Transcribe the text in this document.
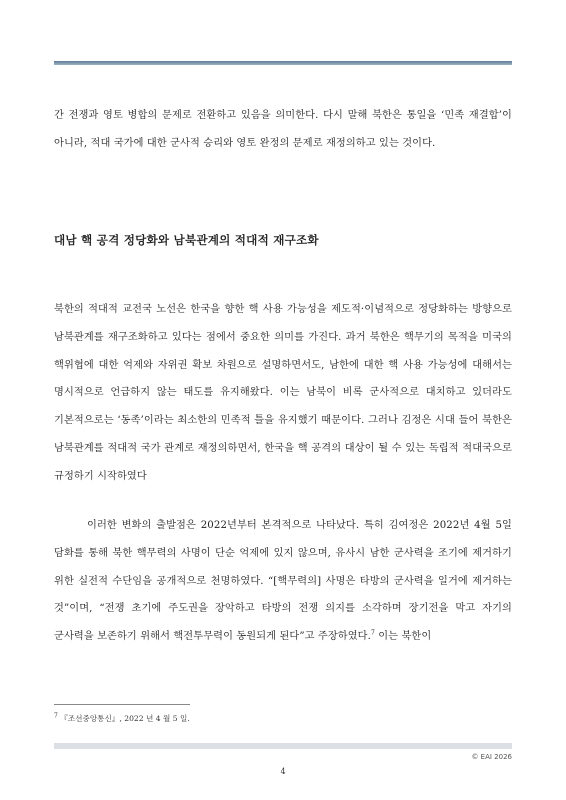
간 전쟁과 영토 병합의 문제로 전환하고 있음을 의미한다. 다시 말해 북한은 통일을 ‘민족 재결합’이 아니라, 적대 국가에 대한 군사적 승리와 영토 완정의 문제로 재정의하고 있는 것이다.

대남 핵 공격 정당화와 남북관계의 적대적 재구조화

북한의 적대적 교전국 노선은 한국을 향한 핵 사용 가능성을 제도적·이념적으로 정당화하는 방향으로 남북관계를 재구조화하고 있다는 점에서 중요한 의미를 가진다. 과거 북한은 핵무기의 목적을 미국의 핵위협에 대한 억제와 자위권 확보 차원으로 설명하면서도, 남한에 대한 핵 사용 가능성에 대해서는 명시적으로 언급하지 않는 태도를 유지해왔다. 이는 남북이 비록 군사적으로 대치하고 있더라도 기본적으로는 ‘동족’이라는 최소한의 민족적 틀을 유지했기 때문이다. 그러나 김정은 시대 들어 북한은 남북관계를 적대적 국가 관계로 재정의하면서, 한국을 핵 공격의 대상이 될 수 있는 독립적 적대국으로 규정하기 시작하였다

이러한 변화의 출발점은 2022년부터 본격적으로 나타났다. 특히 김여정은 2022년 4월 5일 담화를 통해 북한 핵무력의 사명이 단순 억제에 있지 않으며, 유사시 남한 군사력을 조기에 제거하기 위한 실전적 수단임을 공개적으로 천명하였다. “[핵무력의] 사명은 타방의 군사력을 일거에 제거하는 것”이며, “전쟁 초기에 주도권을 장악하고 타방의 전쟁 의지를 소각하며 장기전을 막고 자기의 군사력을 보존하기 위해서 핵전투무력이 동원되게 된다”고 주장하였다.$^7$ 이는 북한이

$^7$ 『조선중앙통신』, 2022 년 4 월 5 일.

© EAI 2026

4
